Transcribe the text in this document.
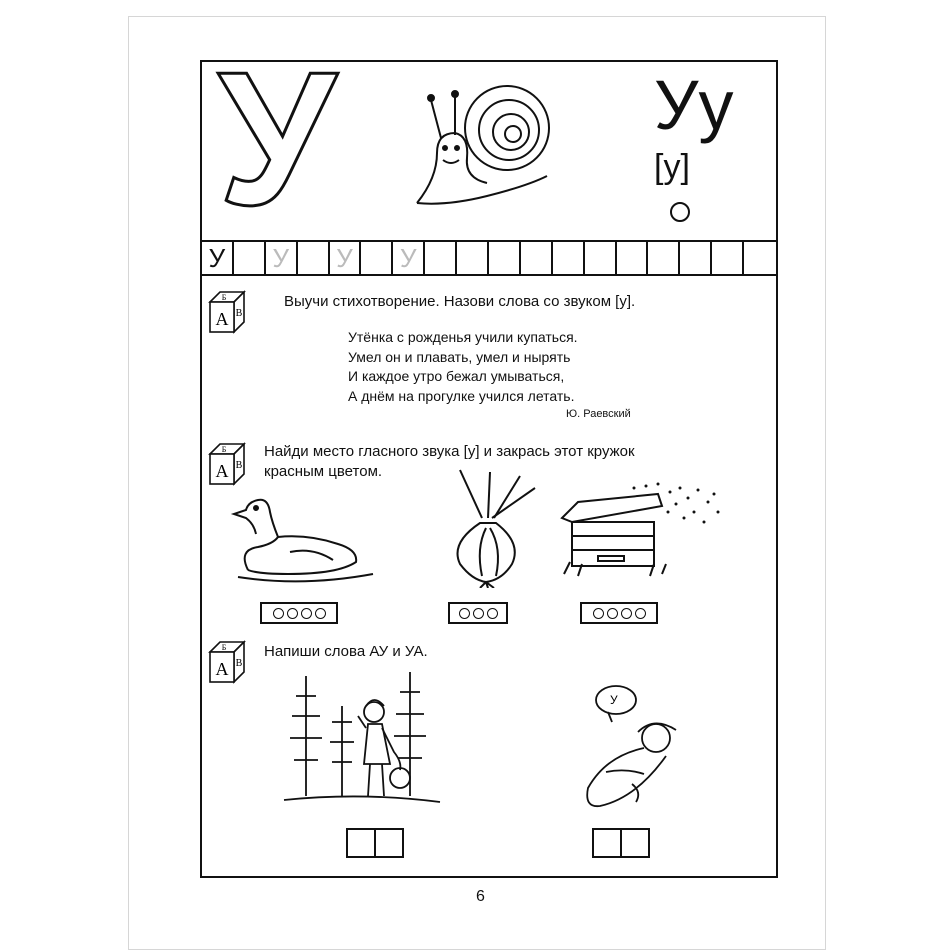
У	Уу
[у]
У	У	У	У
Б
А В
Выучи стихотворение. Назови слова со звуком [у].
Утёнка с рожденья учили купаться.
Умел он и плавать, умел и нырять
И каждое утро бежал умываться,
А днём на прогулке учился летать.
Ю. Раевский
Б
А В
Найди место гласного звука [у] и закрась этот кружок
красным цветом.
Б
А В
Напиши слова АУ и УА.
У
6
